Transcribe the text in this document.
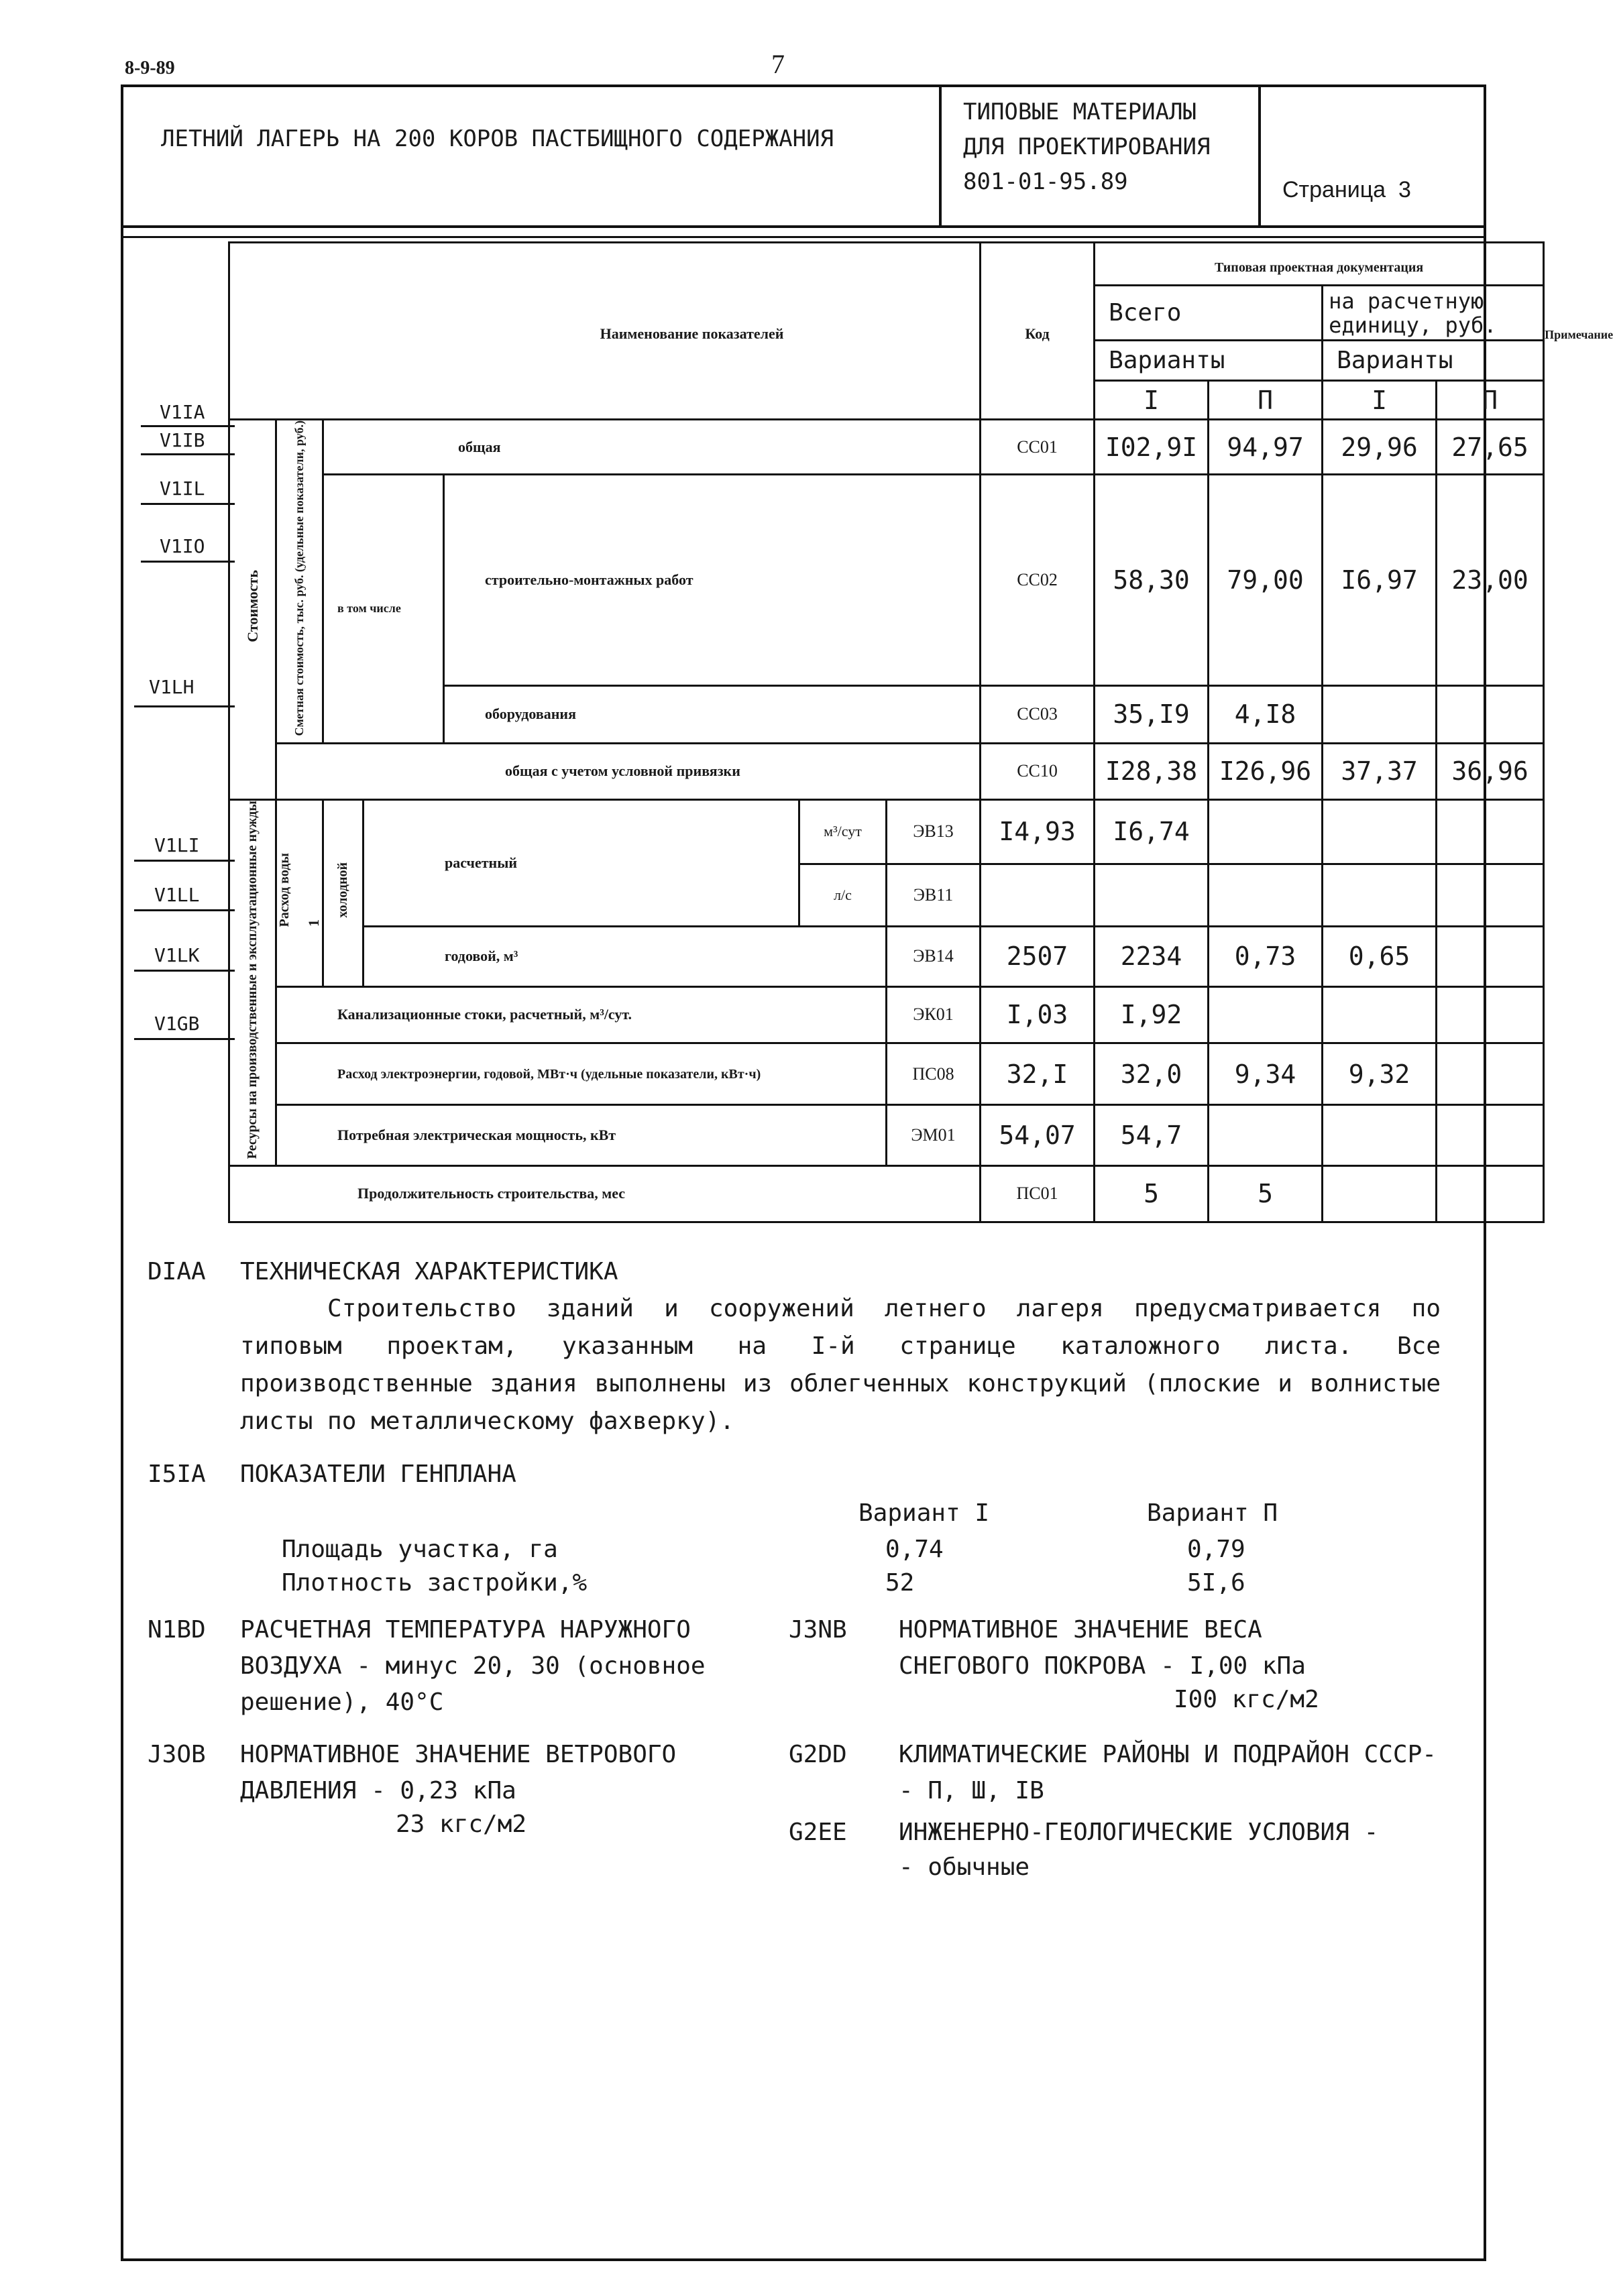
8-9-89	7
ЛЕТНИЙ ЛАГЕРЬ НА 200 КОРОВ ПАСТБИЩНОГО СОДЕРЖАНИЯ
ТИПОВЫЕ МАТЕРИАЛЫ
ДЛЯ ПРОЕКТИРОВАНИЯ
801-01-95.89	Страница  3
V1IA
V1IB
V1IL
V1IO
V1LH
V1LI
V1LL
V1LK
V1GB
Наименование показателей							Код	Типовая проектная документация				Примечание
								Всего		на расчетную единицу, руб.		
								Варианты		Варианты		
								I	П	I	П	
Стоимость	Сметная стоимость, тыс. руб. (удельные показатели, руб.)	общая					СС01	I02,9I	94,97	29,96	27,65	
		в том числе		строительно-монтажных работ			СС02	58,30	79,00	I6,97	23,00	
				оборудования			СС03	35,I9	4,I8			
	общая с учетом условной привязки						СС10	I28,38	I26,96	37,37	36,96	
Ресурсы на производственные и эксплуатационные нужды	Расход воды 1	холодной	расчетный		м³/сут	ЭВ13	I4,93	I6,74				
					л/с	ЭВ11						
			годовой, м³			ЭВ14	2507	2234	0,73	0,65		
	Канализационные стоки, расчетный, м³/сут.					ЭК01	I,03	I,92				
	Расход электроэнергии, годовой, МВт·ч (удельные показатели, кВт·ч)					ПС08	32,I	32,0	9,34	9,32		
	Потребная электрическая мощность, кВт					ЭМ01	54,07	54,7				
Продолжительность строительства, мес							ПС01	5	5			
DIAA ТЕХНИЧЕСКАЯ ХАРАКТЕРИСТИКА
Строительство зданий и сооружений летнего лагеря предусматривается по типовым проектам, указанным на I-й странице каталожного листа. Все производственные здания выполнены из облегченных конструкций (плоские и волнистые листы по металлическому фахверку).
I5IA ПОКАЗАТЕЛИ ГЕНПЛАНА
Вариант I	Вариант П
Площадь участка, га	0,74	0,79
Плотность застройки,%	52	5I,6
N1BD РАСЧЕТНАЯ ТЕМПЕРАТУРА НАРУЖНОГО
ВОЗДУХА - минус 20, 30 (основное
решение), 40°С
J3OB НОРМАТИВНОЕ ЗНАЧЕНИЕ ВЕТРОВОГО
ДАВЛЕНИЯ - 0,23 кПа
23 кгс/м2
J3NB НОРМАТИВНОЕ ЗНАЧЕНИЕ ВЕСА
СНЕГОВОГО ПОКРОВА - I,00 кПа
I00 кгс/м2
G2DD КЛИМАТИЧЕСКИЕ РАЙОНЫ И ПОДРАЙОН СССР-
- П, Ш, IВ
G2EE ИНЖЕНЕРНО-ГЕОЛОГИЧЕСКИЕ УСЛОВИЯ -
- обычные
